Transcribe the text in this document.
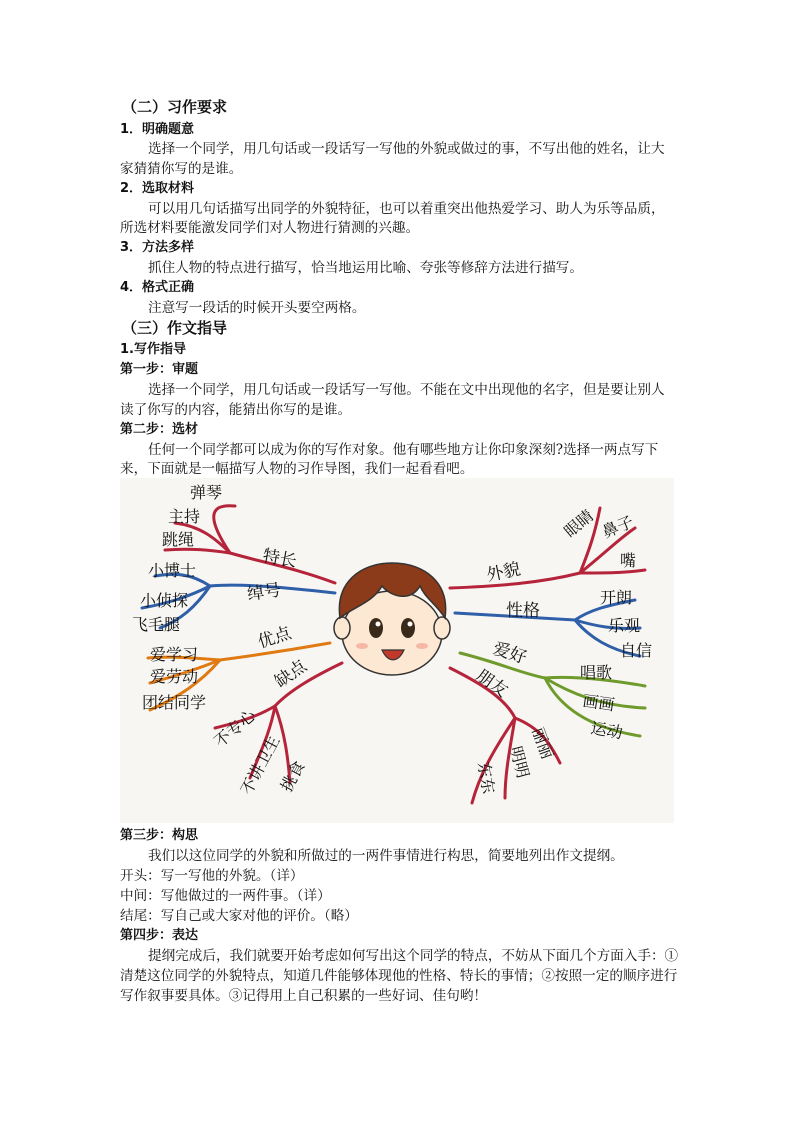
（二）习作要求
1．明确题意
选择一个同学，用几句话或一段话写一写他的外貌或做过的事，不写出他的姓名，让大
家猜猜你写的是谁。
2．选取材料
可以用几句话描写出同学的外貌特征，也可以着重突出他热爱学习、助人为乐等品质，
所选材料要能激发同学们对人物进行猜测的兴趣。
3．方法多样
抓住人物的特点进行描写，恰当地运用比喻、夸张等修辞方法进行描写。
4．格式正确
注意写一段话的时候开头要空两格。
（三）作文指导
1.写作指导
第一步：审题
选择一个同学，用几句话或一段话写一写他。不能在文中出现他的名字，但是要让别人
读了你写的内容，能猜出你写的是谁。
第二步：选材
任何一个同学都可以成为你的写作对象。他有哪些地方让你印象深刻?选择一两点写下
来，下面就是一幅描写人物的习作导图，我们一起看看吧。
特长
绰号
优点
缺点
外貌
性格
爱好
朋友
弹琴
主持
跳绳
小博士
小侦探
飞毛腿
爱学习
爱劳动
团结同学
不专心
不讲卫生
挑食
眼睛 鼻子
嘴
开朗
乐观
自信
唱歌
画画
运动
丽丽
明明
东东
第三步：构思
我们以这位同学的外貌和所做过的一两件事情进行构思，简要地列出作文提纲。
开头：写一写他的外貌。（详）
中间：写他做过的一两件事。（详）
结尾：写自己或大家对他的评价。（略）
第四步：表达
提纲完成后，我们就要开始考虑如何写出这个同学的特点，不妨从下面几个方面入手：①
清楚这位同学的外貌特点，知道几件能够体现他的性格、特长的事情；②按照一定的顺序进行
写作叙事要具体。③记得用上自己积累的一些好词、佳句哟！
